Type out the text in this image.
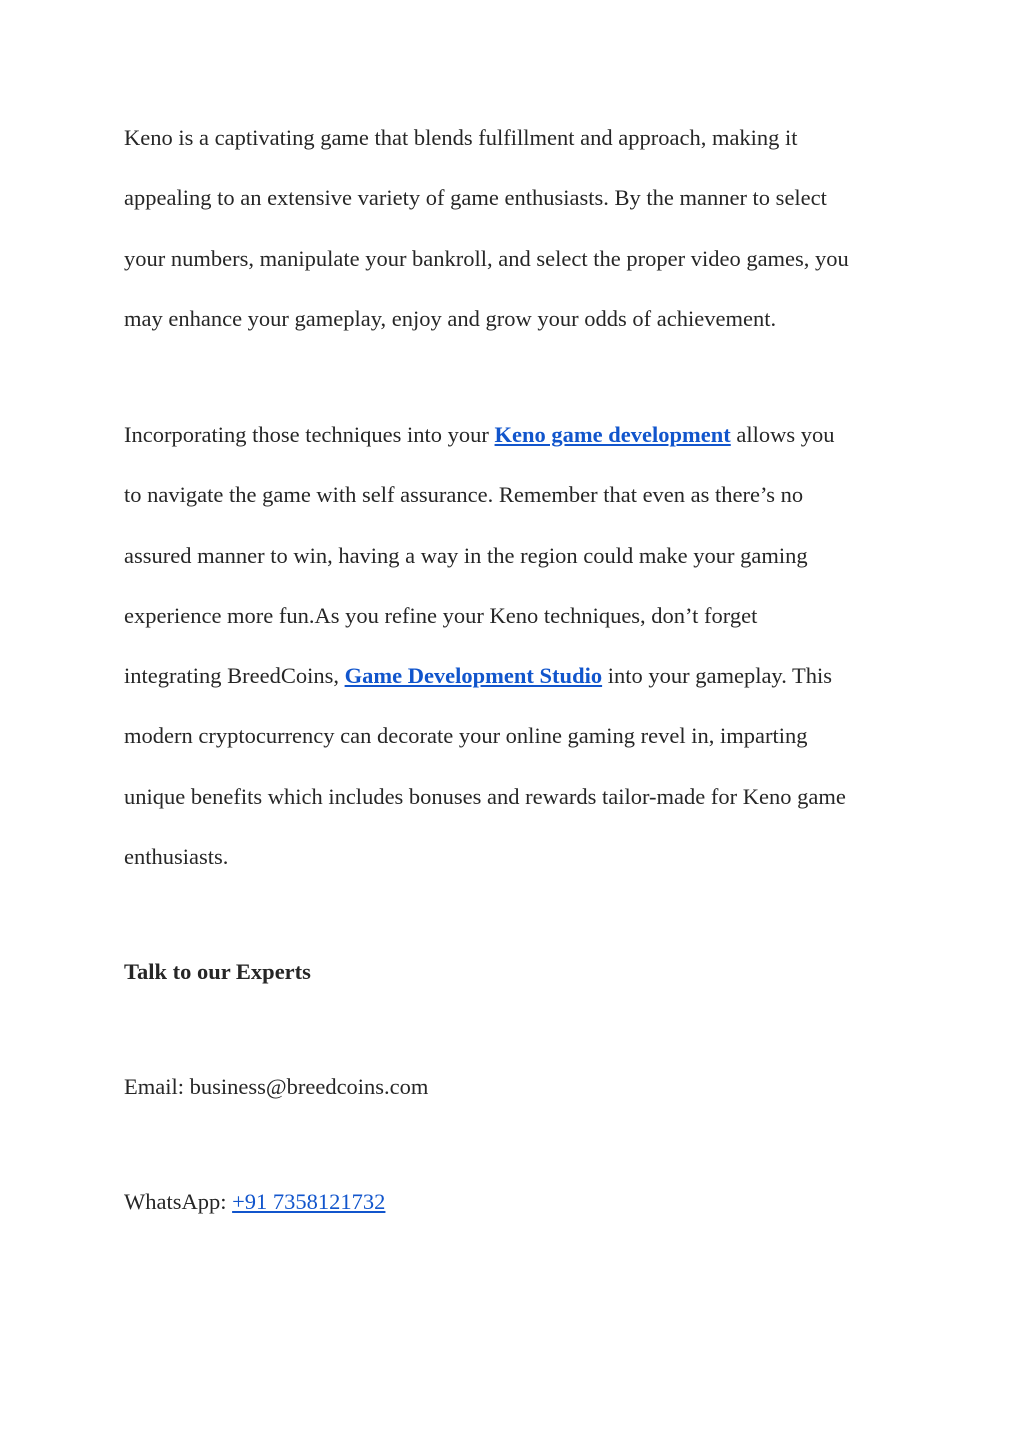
Keno is a captivating game that blends fulfillment and approach, making it
appealing to an extensive variety of game enthusiasts. By the manner to select
your numbers, manipulate your bankroll, and select the proper video games, you
may enhance your gameplay, enjoy and grow your odds of achievement.

Incorporating those techniques into your Keno game development allows you
to navigate the game with self assurance. Remember that even as there’s no
assured manner to win, having a way in the region could make your gaming
experience more fun.As you refine your Keno techniques, don’t forget
integrating BreedCoins, Game Development Studio into your gameplay. This
modern cryptocurrency can decorate your online gaming revel in, imparting
unique benefits which includes bonuses and rewards tailor-made for Keno game
enthusiasts.

Talk to our Experts
Email: business@breedcoins.com
WhatsApp: +91 7358121732
